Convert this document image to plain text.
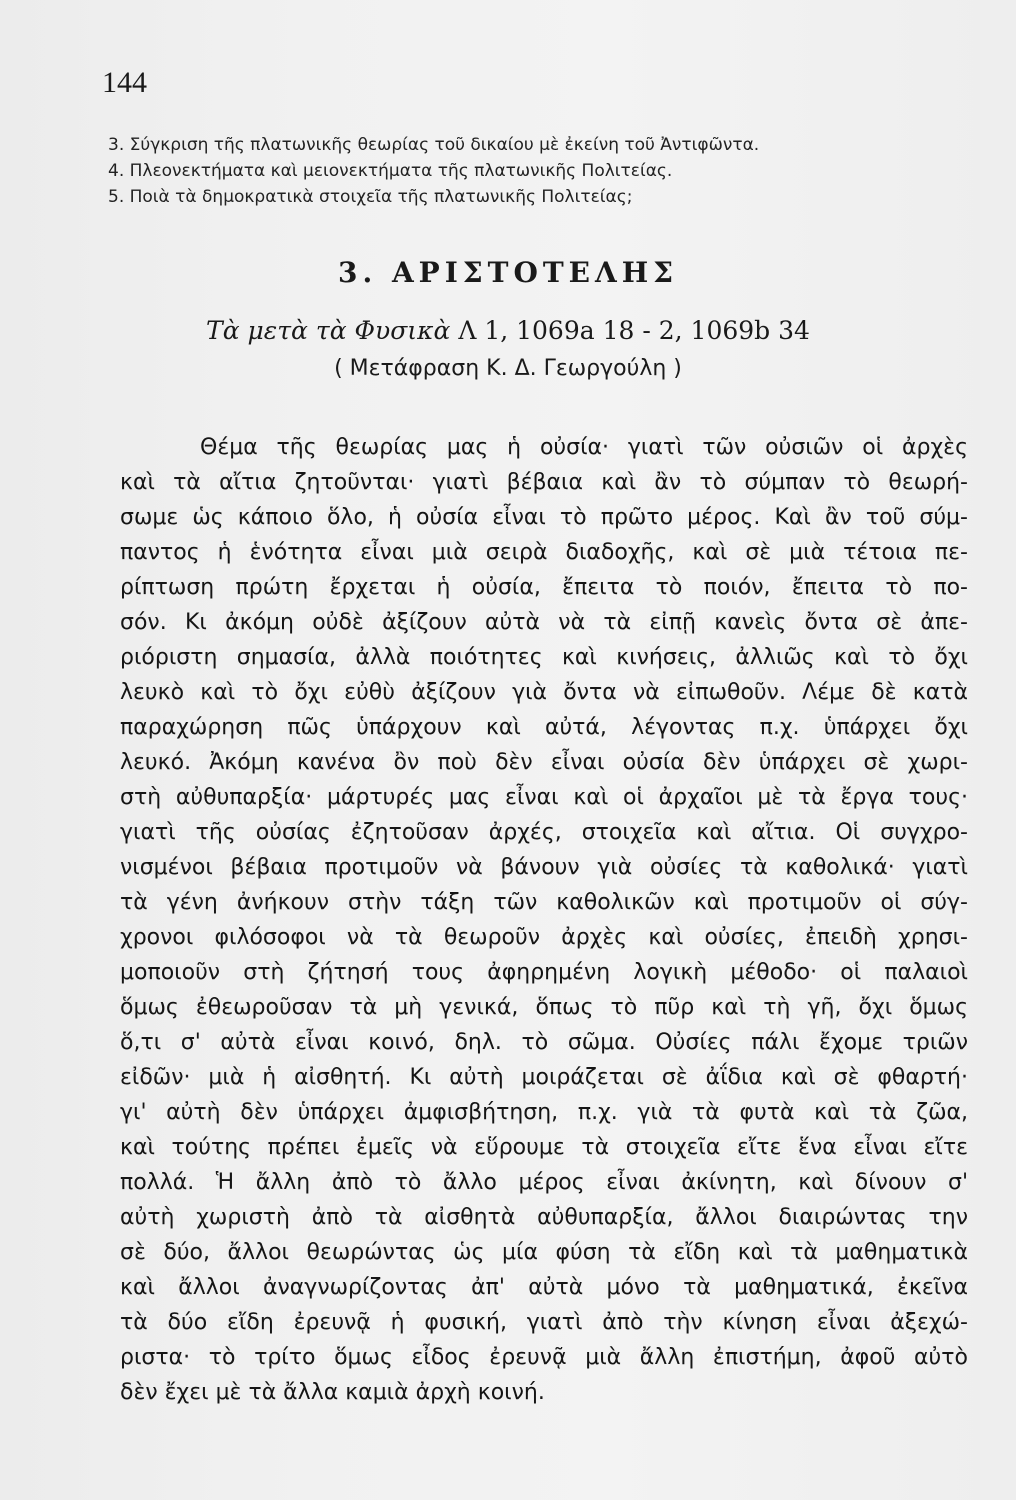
144
3. Σύγκριση τῆς πλατωνικῆς θεωρίας τοῦ δικαίου μὲ ἐκείνη τοῦ Ἀντιφῶντα.
4. Πλεονεκτήματα καὶ μειονεκτήματα τῆς πλατωνικῆς Πολιτείας.
5. Ποιὰ τὰ δημοκρατικὰ στοιχεῖα τῆς πλατωνικῆς Πολιτείας;
3. ΑΡΙΣΤΟΤΕΛΗΣ
Τὰ μετὰ τὰ Φυσικὰ Λ 1, 1069a 18 - 2, 1069b 34
( Μετάφραση Κ. Δ. Γεωργούλη )
Θέμα τῆς θεωρίας μας ἡ οὐσία· γιατὶ τῶν οὐσιῶν οἱ ἀρχὲς
καὶ τὰ αἴτια ζητοῦνται· γιατὶ βέβαια καὶ ἂν τὸ σύμπαν τὸ θεωρή-
σωμε ὡς κάποιο ὅλο, ἡ οὐσία εἶναι τὸ πρῶτο μέρος. Καὶ ἂν τοῦ σύμ-
παντος ἡ ἑνότητα εἶναι μιὰ σειρὰ διαδοχῆς, καὶ σὲ μιὰ τέτοια πε-
ρίπτωση πρώτη ἔρχεται ἡ οὐσία, ἔπειτα τὸ ποιόν, ἔπειτα τὸ πο-
σόν. Κι ἀκόμη οὐδὲ ἀξίζουν αὐτὰ νὰ τὰ εἰπῇ κανεὶς ὄντα σὲ ἀπε-
ριόριστη σημασία, ἀλλὰ ποιότητες καὶ κινήσεις, ἀλλιῶς καὶ τὸ ὄχι
λευκὸ καὶ τὸ ὄχι εὐθὺ ἀξίζουν γιὰ ὄντα νὰ εἰπωθοῦν. Λέμε δὲ κατὰ
παραχώρηση πῶς ὑπάρχουν καὶ αὐτά, λέγοντας π.χ. ὑπάρχει ὄχι
λευκό. Ἀκόμη κανένα ὂν ποὺ δὲν εἶναι οὐσία δὲν ὑπάρχει σὲ χωρι-
στὴ αὐθυπαρξία· μάρτυρές μας εἶναι καὶ οἱ ἀρχαῖοι μὲ τὰ ἔργα τους·
γιατὶ τῆς οὐσίας ἐζητοῦσαν ἀρχές, στοιχεῖα καὶ αἴτια. Οἱ συγχρο-
νισμένοι βέβαια προτιμοῦν νὰ βάνουν γιὰ οὐσίες τὰ καθολικά· γιατὶ
τὰ γένη ἀνήκουν στὴν τάξη τῶν καθολικῶν καὶ προτιμοῦν οἱ σύγ-
χρονοι φιλόσοφοι νὰ τὰ θεωροῦν ἀρχὲς καὶ οὐσίες, ἐπειδὴ χρησι-
μοποιοῦν στὴ ζήτησή τους ἀφηρημένη λογικὴ μέθοδο· οἱ παλαιοὶ
ὅμως ἐθεωροῦσαν τὰ μὴ γενικά, ὅπως τὸ πῦρ καὶ τὴ γῆ, ὄχι ὅμως
ὅ,τι σ' αὐτὰ εἶναι κοινό, δηλ. τὸ σῶμα. Οὐσίες πάλι ἔχομε τριῶν
εἰδῶν· μιὰ ἡ αἰσθητή. Κι αὐτὴ μοιράζεται σὲ ἀΐδια καὶ σὲ φθαρτή·
γι' αὐτὴ δὲν ὑπάρχει ἀμφισβήτηση, π.χ. γιὰ τὰ φυτὰ καὶ τὰ ζῶα,
καὶ τούτης πρέπει ἐμεῖς νὰ εὕρουμε τὰ στοιχεῖα εἴτε ἕνα εἶναι εἴτε
πολλά. Ἡ ἄλλη ἀπὸ τὸ ἄλλο μέρος εἶναι ἀκίνητη, καὶ δίνουν σ'
αὐτὴ χωριστὴ ἀπὸ τὰ αἰσθητὰ αὐθυπαρξία, ἄλλοι διαιρώντας την
σὲ δύο, ἄλλοι θεωρώντας ὡς μία φύση τὰ εἴδη καὶ τὰ μαθηματικὰ
καὶ ἄλλοι ἀναγνωρίζοντας ἀπ' αὐτὰ μόνο τὰ μαθηματικά, ἐκεῖνα
τὰ δύο εἴδη ἐρευνᾷ ἡ φυσική, γιατὶ ἀπὸ τὴν κίνηση εἶναι ἀξεχώ-
ριστα· τὸ τρίτο ὅμως εἶδος ἐρευνᾷ μιὰ ἄλλη ἐπιστήμη, ἀφοῦ αὐτὸ
δὲν ἔχει μὲ τὰ ἄλλα καμιὰ ἀρχὴ κοινή.
